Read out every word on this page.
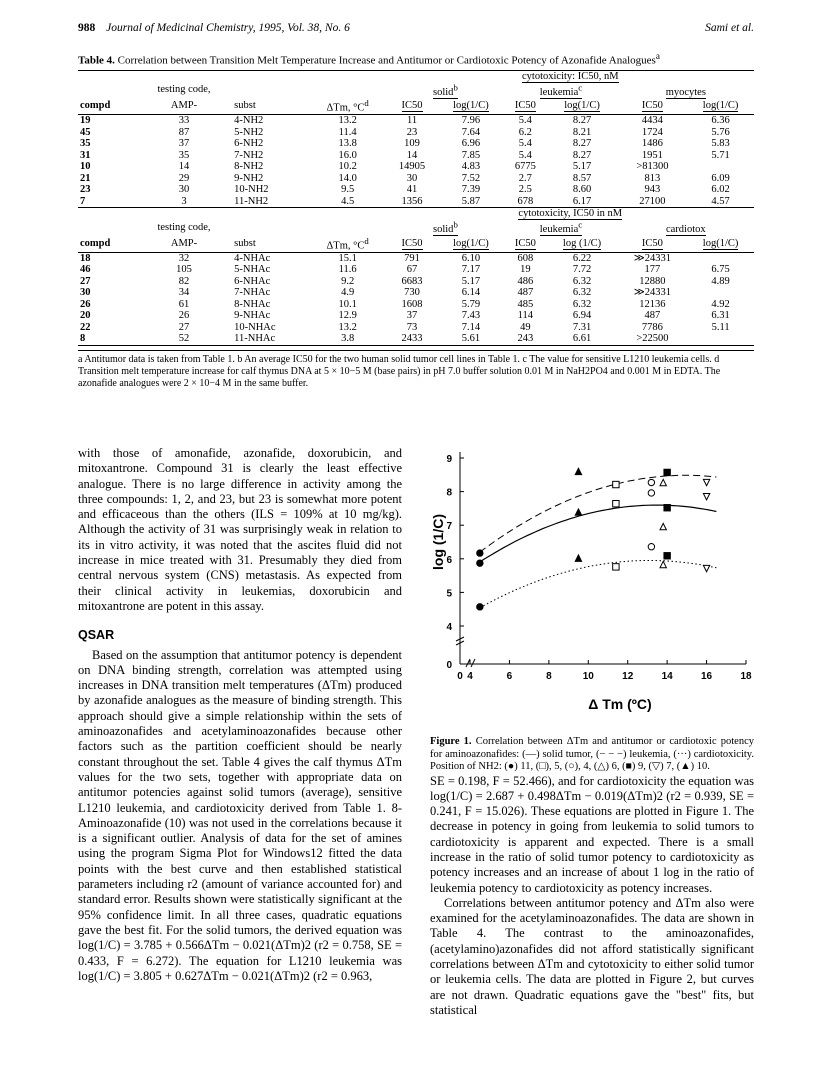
988 Journal of Medicinal Chemistry, 1995, Vol. 38, No. 6	Sami et al.
Table 4. Correlation between Transition Melt Temperature Increase and Antitumor or Cardiotoxic Potency of Azonafide Analogues$^a$
				cytotoxicity: IC50, nM					
	testing code,			solid$^b$		leukemia$^c$		myocytes	
compd	AMP-	subst	ΔTm, $^\circ C^d$	IC50	log(1/C)	IC50	log(1/C)	IC50	log(1/C)
19	33	4-NH2	13.2	11	7.96	5.4	8.27	4434	6.36
45	87	5-NH2	11.4	23	7.64	6.2	8.21	1724	5.76
35	37	6-NH2	13.8	109	6.96	5.4	8.27	1486	5.83
31	35	7-NH2	16.0	14	7.85	5.4	8.27	1951	5.71
10	14	8-NH2	10.2	14905	4.83	6775	5.17	>81300	
21	29	9-NH2	14.0	30	7.52	2.7	8.57	813	6.09
23	30	10-NH2	9.5	41	7.39	2.5	8.60	943	6.02
7	3	11-NH2	4.5	1356	5.87	678	6.17	27100	4.57
				cytotoxicity, IC50 in nM					
	testing code,			solid$^b$		leukemia$^c$		cardiotox	
compd	AMP-	subst	ΔTm, $^\circ C^d$	IC50	log(1/C)	IC50	log (1/C)	IC50	log(1/C)
18	32	4-NHAc	15.1	791	6.10	608	6.22	≫24331	
46	105	5-NHAc	11.6	67	7.17	19	7.72	177	6.75
27	82	6-NHAc	9.2	6683	5.17	486	6.32	12880	4.89
30	34	7-NHAc	4.9	730	6.14	487	6.32	≫24331	
26	61	8-NHAc	10.1	1608	5.79	485	6.32	12136	4.92
20	26	9-NHAc	12.9	37	7.43	114	6.94	487	6.31
22	27	10-NHAc	13.2	73	7.14	49	7.31	7786	5.11
8	52	11-NHAc	3.8	2433	5.61	243	6.61	>22500	
a Antitumor data is taken from Table 1. b An average IC50 for the two human solid tumor cell lines in Table 1. c The value for sensitive L1210 leukemia cells. d Transition melt temperature increase for calf thymus DNA at 5 × 10−5 M (base pairs) in pH 7.0 buffer solution 0.01 M in NaH2PO4 and 0.001 M in EDTA. The azonafide analogues were 2 × 10−4 M in the same buffer.

with those of amonafide, azonafide, doxorubicin, and mitoxantrone. Compound 31 is clearly the least effective analogue. There is no large difference in activity among the three compounds: 1, 2, and 23, but 23 is somewhat more potent and efficaceous than the others (ILS = 109% at 10 mg/kg). Although the activity of 31 was surprisingly weak in relation to its in vitro activity, it was noted that the ascites fluid did not increase in mice treated with 31. Presumably they died from central nervous system (CNS) metastasis. As expected from their clinical activity in leukemias, doxorubicin and mitoxantrone are potent in this assay.

QSAR

Based on the assumption that antitumor potency is dependent on DNA binding strength, correlation was attempted using increases in DNA transition melt temperatures (ΔTm) produced by azonafide analogues as the measure of binding strength. This approach should give a simple relationship within the sets of aminoazonafides and acetylaminoazonafides because other factors such as the partition coefficient should be nearly constant throughout the set. Table 4 gives the calf thymus ΔTm values for the two sets, together with appropriate data on antitumor potencies against solid tumors (average), sensitive L1210 leukemia, and cardiotoxicity derived from Table 1. 8-Aminoazonafide (10) was not used in the correlations because it is a significant outlier. Analysis of data for the set of amines using the program Sigma Plot for Windows12 fitted the data points with the best curve and then established statistical parameters including r2 (amount of variance accounted for) and standard error. Results shown were statistically significant at the 95% confidence limit. In all three cases, quadratic equations gave the best fit. For the solid tumors, the derived equation was log(1/C) = 3.785 + 0.566ΔTm − 0.021(ΔTm)2 (r2 = 0.758, SE = 0.433, F = 6.272). The equation for L1210 leukemia was log(1/C) = 3.805 + 0.627ΔTm − 0.021(ΔTm)2 (r2 = 0.963,

0
4
5
6
7
8
9
0 4	6	8	10	12	14	16	18
Δ Tm (ºC)
log (1/C)

Figure 1. Correlation between ΔTm and antitumor or cardiotoxic potency for aminoazonafides: (—) solid tumor, (− − −) leukemia, (···) cardiotoxicity. Position of NH2: (●) 11, (□), 5, (○), 4, (△) 6, (■) 9, (▽) 7, (▲) 10.

SE = 0.198, F = 52.466), and for cardiotoxicity the equation was log(1/C) = 2.687 + 0.498ΔTm − 0.019(ΔTm)2 (r2 = 0.939, SE = 0.241, F = 15.026). These equations are plotted in Figure 1. The decrease in potency in going from leukemia to solid tumors to cardiotoxicity is apparent and expected. There is a small increase in the ratio of solid tumor potency to cardiotoxicity as potency increases and an increase of about 1 log in the ratio of leukemia potency to cardiotoxicity as potency increases.

Correlations between antitumor potency and ΔTm also were examined for the acetylaminoazonafides. The data are shown in Table 4. The contrast to the aminoazonafides, (acetylamino)azonafides did not afford statistically significant correlations between ΔTm and cytotoxicity to either solid tumor or leukemia cells. The data are plotted in Figure 2, but curves are not drawn. Quadratic equations gave the "best" fits, but statistical
